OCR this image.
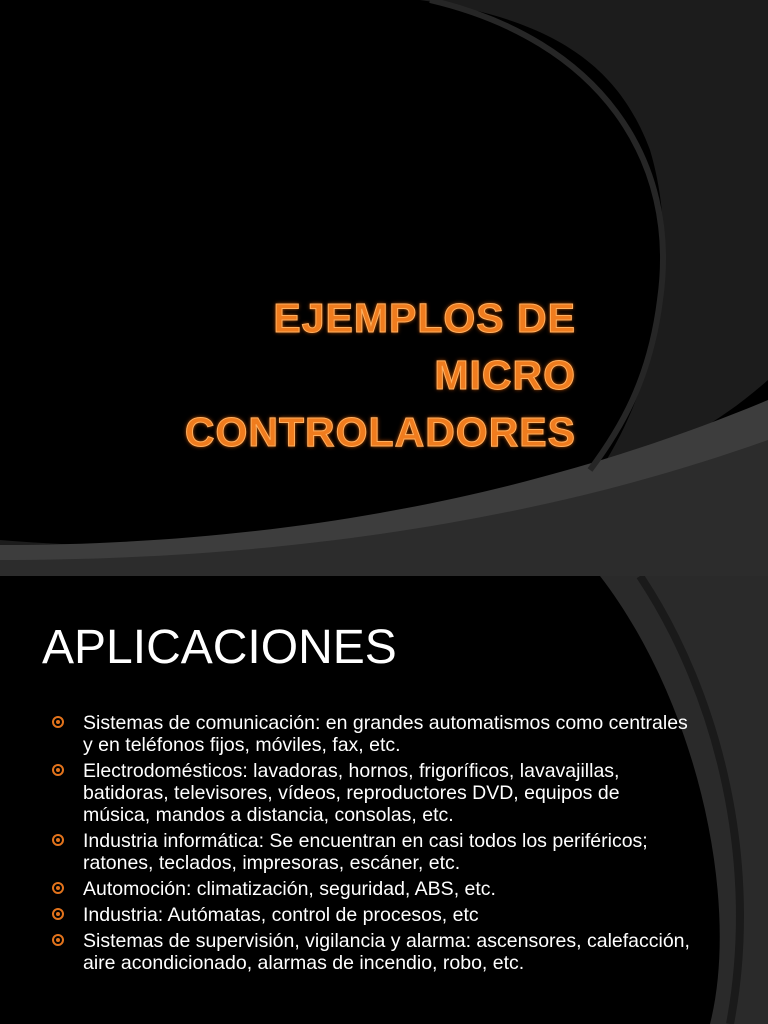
EJEMPLOS DE
MICRO
CONTROLADORES
APLICACIONES
Sistemas de comunicación: en grandes automatismos como centrales y en teléfonos fijos, móviles, fax, etc.
Electrodomésticos: lavadoras, hornos, frigoríficos, lavavajillas, batidoras, televisores, vídeos, reproductores DVD, equipos de música, mandos a distancia, consolas, etc.
Industria informática: Se encuentran en casi todos los periféricos; ratones, teclados, impresoras, escáner, etc.
Automoción: climatización, seguridad, ABS, etc.
Industria: Autómatas, control de procesos, etc
Sistemas de supervisión, vigilancia y alarma: ascensores, calefacción, aire acondicionado, alarmas de incendio, robo, etc.
